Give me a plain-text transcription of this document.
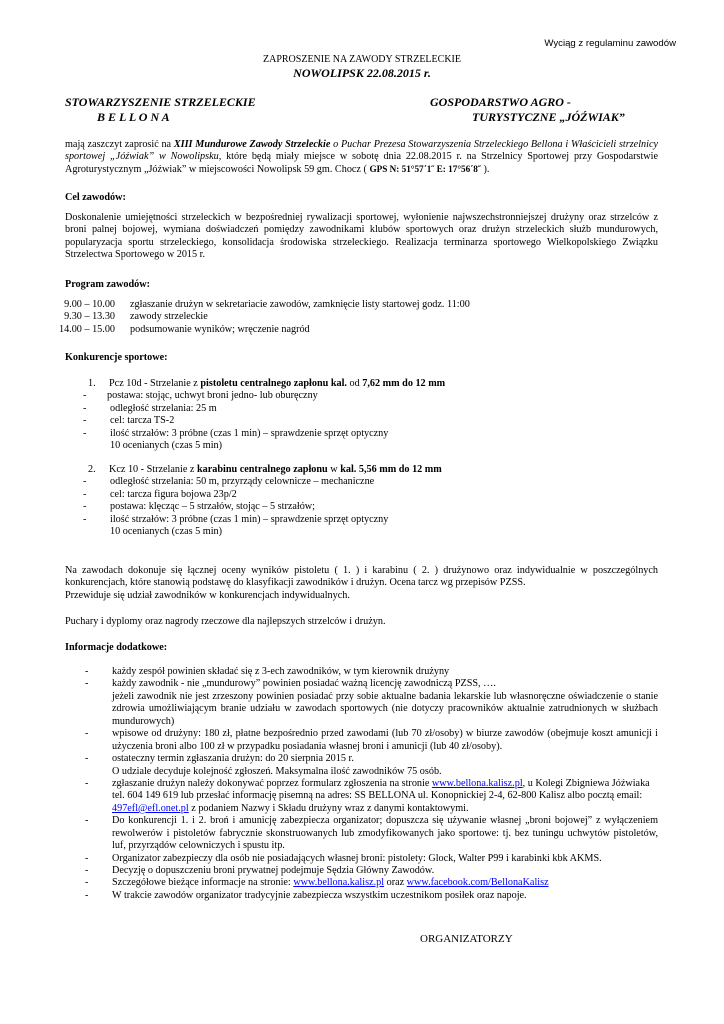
Wyciąg z regulaminu zawodów
ZAPROSZENIE NA ZAWODY STRZELECKIE
NOWOLIPSK 22.08.2015 r.
STOWARZYSZENIE STRZELECKIE
B E L L O N A
GOSPODARSTWO AGRO -
TURYSTYCZNE „JÓŹWIAK”
mają zaszczyt zaprosić na XIII Mundurowe Zawody Strzeleckie o Puchar Prezesa Stowarzyszenia Strzeleckiego Bellona i Właścicieli strzelnicy sportowej „Jóźwiak” w Nowolipsku, które będą miały miejsce w sobotę dnia 22.08.2015 r. na Strzelnicy Sportowej przy Gospodarstwie Agroturystycznym „Jóźwiak” w miejscowości Nowolipsk 59 gm. Chocz ( GPS N: 51°57΄1˝ E: 17°56΄8˝ ).
Cel zawodów:
Doskonalenie umiejętności strzeleckich w bezpośredniej rywalizacji sportowej, wyłonienie najwszechstronniejszej drużyny oraz strzelców z broni palnej bojowej, wymiana doświadczeń pomiędzy zawodnikami klubów sportowych oraz drużyn strzeleckich służb mundurowych, popularyzacja sportu strzeleckiego, konsolidacja środowiska strzeleckiego. Realizacja terminarza sportowego Wielkopolskiego Związku Strzelectwa Sportowego w 2015 r.
Program zawodów:
9.00 – 10.00	zgłaszanie drużyn w sekretariacie zawodów, zamknięcie listy startowej godz. 11:00
9.30 – 13.30	zawody strzeleckie
14.00 – 15.00	podsumowanie wyników; wręczenie nagród
Konkurencje sportowe:
1.	Pcz 10d - Strzelanie z pistoletu centralnego zapłonu kal. od 7,62 mm do 12 mm
-	postawa: stojąc, uchwyt broni jedno- lub oburęczny
-	odległość strzelania: 25 m
-	cel: tarcza TS-2
-	ilość strzałów: 3 próbne (czas 1 min) – sprawdzenie sprzęt optyczny
10 ocenianych (czas 5 min)
2.	Kcz 10 - Strzelanie z karabinu centralnego zapłonu w kal. 5,56 mm do 12 mm
-	odległość strzelania: 50 m, przyrządy celownicze – mechaniczne
-	cel: tarcza figura bojowa 23p/2
-	postawa: klęcząc – 5 strzałów, stojąc – 5 strzałów;
-	ilość strzałów: 3 próbne (czas 1 min) – sprawdzenie sprzęt optyczny
10 ocenianych (czas 5 min)
Na zawodach dokonuje się łącznej oceny wyników pistoletu ( 1. ) i karabinu ( 2. ) drużynowo oraz indywidualnie w poszczególnych konkurencjach, które stanowią podstawę do klasyfikacji zawodników i drużyn. Ocena tarcz wg przepisów PZSS.
Przewiduje się udział zawodników w konkurencjach indywidualnych.
Puchary i dyplomy oraz nagrody rzeczowe dla najlepszych strzelców i drużyn.
Informacje dodatkowe:
-	każdy zespół powinien składać się z 3-ech zawodników, w tym kierownik drużyny
-	każdy zawodnik - nie „mundurowy” powinien posiadać ważną licencję zawodniczą PZSS, ….
jeżeli zawodnik nie jest zrzeszony powinien posiadać przy sobie aktualne badania lekarskie lub własnoręczne oświadczenie o stanie zdrowia umożliwiającym branie udziału w zawodach sportowych (nie dotyczy pracowników aktualnie zatrudnionych w służbach mundurowych)
-	wpisowe od drużyny: 180 zł, płatne bezpośrednio przed zawodami (lub 70 zł/osoby) w biurze zawodów (obejmuje koszt amunicji i użyczenia broni albo 100 zł w przypadku posiadania własnej broni i amunicji (lub 40 zł/osoby).
-	ostateczny termin zgłaszania drużyn: do 20 sierpnia 2015 r.
O udziale decyduje kolejność zgłoszeń. Maksymalna ilość zawodników 75 osób.
-	zgłaszanie drużyn należy dokonywać poprzez formularz zgłoszenia na stronie www.bellona.kalisz.pl, u Kolegi Zbigniewa Jóźwiaka tel. 604 149 619 lub przesłać informację pisemną na adres: SS BELLONA ul. Konopnickiej 2-4, 62-800 Kalisz albo pocztą email: 497efl@efl.onet.pl z podaniem Nazwy i Składu drużyny wraz z danymi kontaktowymi.
-	Do konkurencji 1. i 2. broń i amunicję zabezpiecza organizator; dopuszcza się używanie własnej „broni bojowej” z wyłączeniem rewolwerów i pistoletów fabrycznie skonstruowanych lub zmodyfikowanych jako sportowe: tj. bez tuningu uchwytów pistoletów, luf, przyrządów celowniczych i spustu itp.
-	Organizator zabezpieczy dla osób nie posiadających własnej broni: pistolety: Glock, Walter P99 i karabinki kbk AKMS.
-	Decyzję o dopuszczeniu broni prywatnej podejmuje Sędzia Główny Zawodów.
-	Szczegółowe bieżące informacje na stronie: www.bellona.kalisz.pl oraz www.facebook.com/BellonaKalisz
-	W trakcie zawodów organizator tradycyjnie zabezpiecza wszystkim uczestnikom posiłek oraz napoje.
ORGANIZATORZY
